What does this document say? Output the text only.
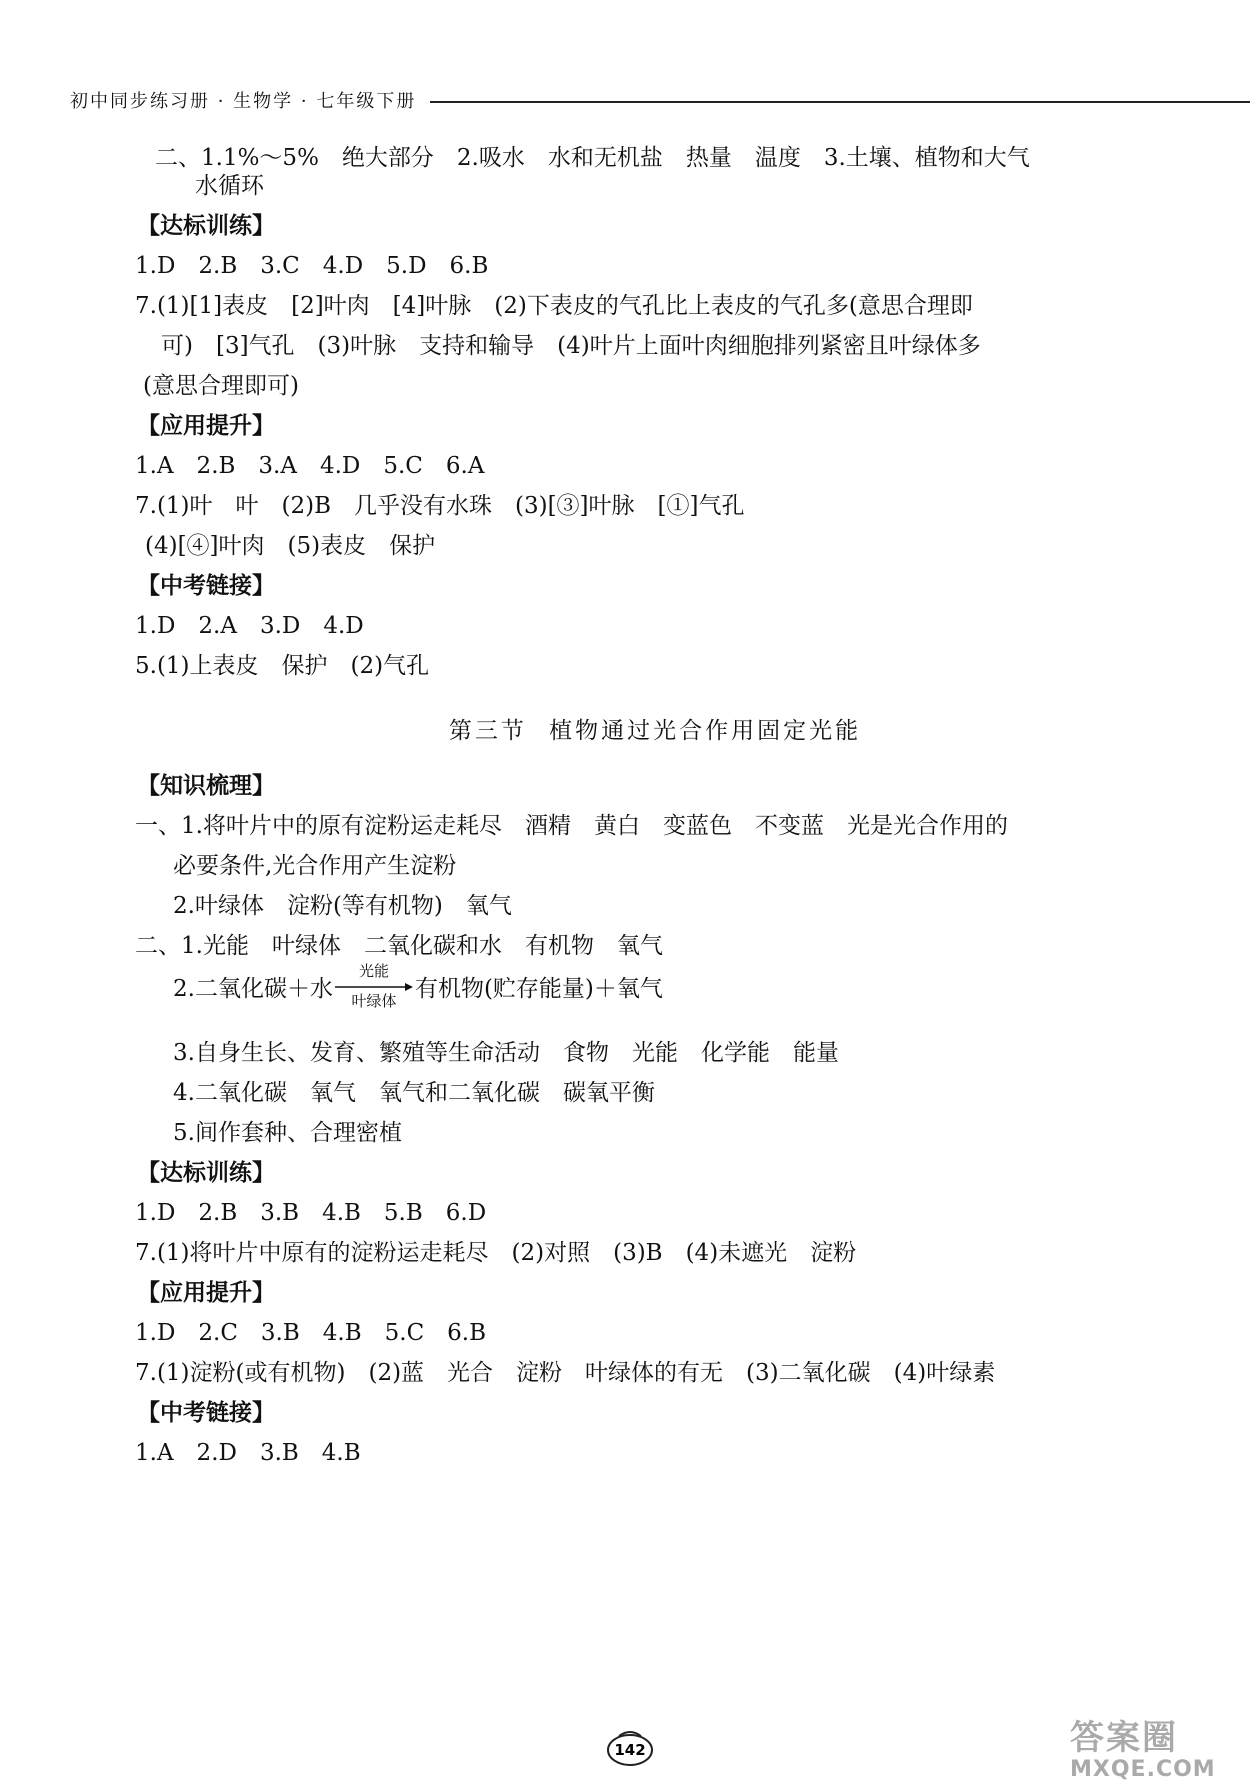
初中同步练习册 · 生物学 · 七年级下册
二、1.1%～5%　绝大部分　2.吸水　水和无机盐　热量　温度　3.土壤、植物和大气
水循环
【达标训练】
1.D　2.B　3.C　4.D　5.D　6.B
7.(1)[1]表皮　[2]叶肉　[4]叶脉　(2)下表皮的气孔比上表皮的气孔多(意思合理即
可)　[3]气孔　(3)叶脉　支持和输导　(4)叶片上面叶肉细胞排列紧密且叶绿体多
(意思合理即可)
【应用提升】
1.A　2.B　3.A　4.D　5.C　6.A
7.(1)叶　叶　(2)B　几乎没有水珠　(3)[③]叶脉　[①]气孔
(4)[④]叶肉　(5)表皮　保护
【中考链接】
1.D　2.A　3.D　4.D
5.(1)上表皮　保护　(2)气孔
第三节 植物通过光合作用固定光能
【知识梳理】
一、1.将叶片中的原有淀粉运走耗尽　酒精　黄白　变蓝色　不变蓝　光是光合作用的
必要条件,光合作用产生淀粉
2.叶绿体　淀粉(等有机物)　氧气
二、1.光能　叶绿体　二氧化碳和水　有机物　氧气
2.二氧化碳＋水
光能
叶绿体 有机物(贮存能量)＋氧气
3.自身生长、发育、繁殖等生命活动　食物　光能　化学能　能量
4.二氧化碳　氧气　氧气和二氧化碳　碳氧平衡
5.间作套种、合理密植
【达标训练】
1.D　2.B　3.B　4.B　5.B　6.D
7.(1)将叶片中原有的淀粉运走耗尽　(2)对照　(3)B　(4)未遮光　淀粉
【应用提升】
1.D　2.C　3.B　4.B　5.C　6.B
7.(1)淀粉(或有机物)　(2)蓝　光合　淀粉　叶绿体的有无　(3)二氧化碳　(4)叶绿素
【中考链接】
1.A　2.D　3.B　4.B
142	答案圈
MXQE.COM
